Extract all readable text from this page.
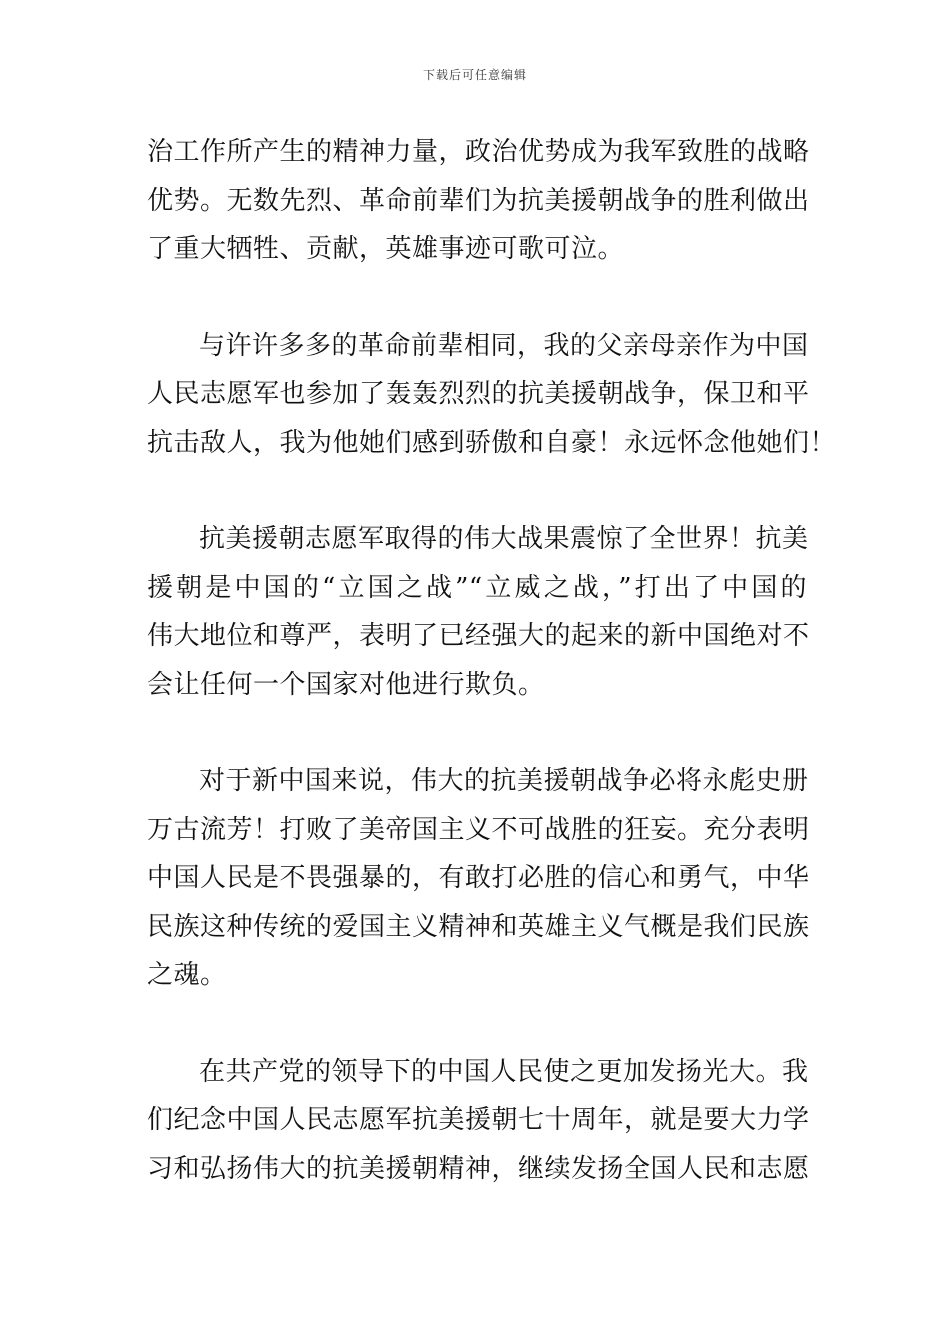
下载后可任意编辑
治工作所产生的精神力量，政治优势成为我军致胜的战略
优势。无数先烈、革命前辈们为抗美援朝战争的胜利做出
了重大牺牲、贡献，英雄事迹可歌可泣。
与许许多多的革命前辈相同，我的父亲母亲作为中国
人民志愿军也参加了轰轰烈烈的抗美援朝战争，保卫和平
抗击敌人，我为他她们感到骄傲和自豪！永远怀念他她们！
抗美援朝志愿军取得的伟大战果震惊了全世界！抗美
援朝是中国的“立国之战”“立威之战，”打出了中国的
伟大地位和尊严，表明了已经强大的起来的新中国绝对不
会让任何一个国家对他进行欺负。
对于新中国来说，伟大的抗美援朝战争必将永彪史册
万古流芳！打败了美帝国主义不可战胜的狂妄。充分表明
中国人民是不畏强暴的，有敢打必胜的信心和勇气，中华
民族这种传统的爱国主义精神和英雄主义气概是我们民族
之魂。
在共产党的领导下的中国人民使之更加发扬光大。我
们纪念中国人民志愿军抗美援朝七十周年，就是要大力学
习和弘扬伟大的抗美援朝精神，继续发扬全国人民和志愿
